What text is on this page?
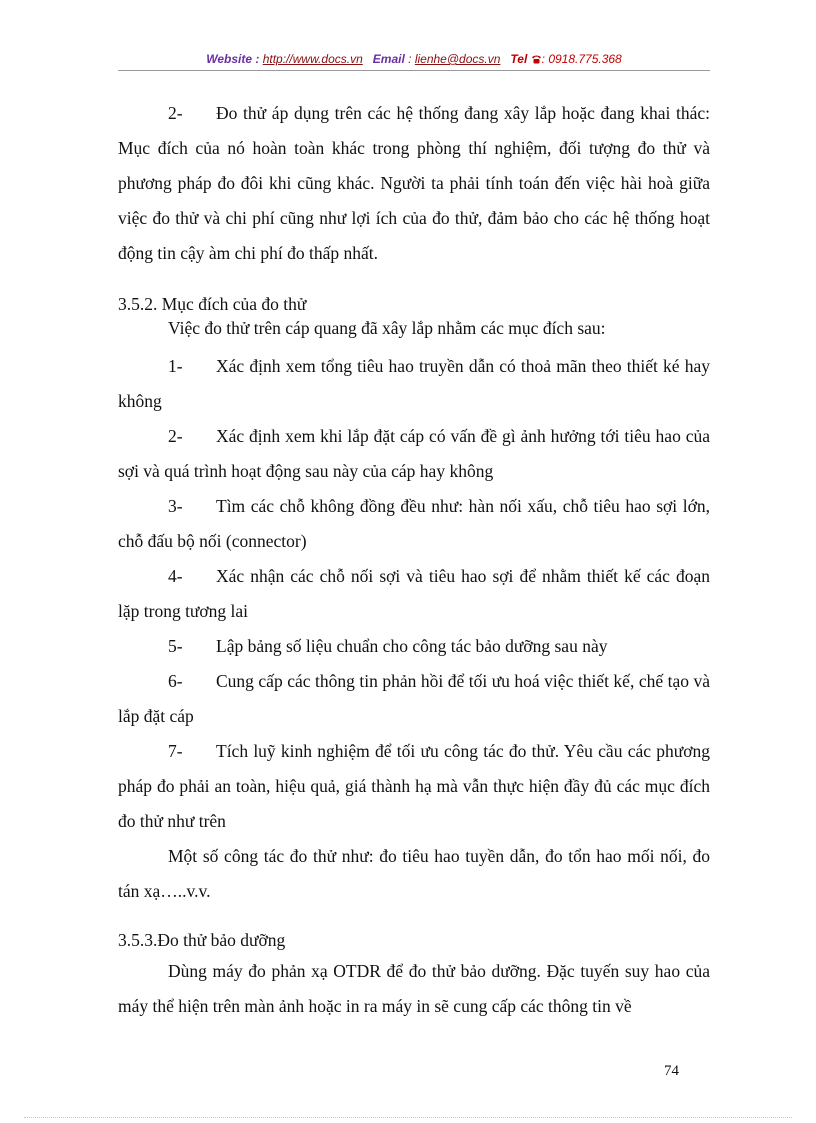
Website : http://www.docs.vn Email : lienhe@docs.vn Tel : 0918.775.368

2- Đo thử áp dụng trên các hệ thống đang xây lắp hoặc đang khai thác: Mục đích của nó hoàn toàn khác trong phòng thí nghiệm, đối tượng đo thử và phương pháp đo đôi khi cũng khác. Người ta phải tính toán đến việc hài hoà giữa việc đo thử và chi phí cũng như lợi ích của đo thử, đảm bảo cho các hệ thống hoạt động tin cậy àm chi phí đo thấp nhất.

3.5.2. Mục đích của đo thử

Việc đo thử trên cáp quang đã xây lắp nhằm các mục đích sau:

1- Xác định xem tổng tiêu hao truyền dẫn có thoả mãn theo thiết ké hay không

2- Xác định xem khi lắp đặt cáp có vấn đề gì ảnh hưởng tới tiêu hao của sợi và quá trình hoạt động sau này của cáp hay không

3- Tìm các chỗ không đồng đều như: hàn nối xấu, chỗ tiêu hao sợi lớn, chỗ đấu bộ nối (connector)

4- Xác nhận các chỗ nối sợi và tiêu hao sợi để nhằm thiết kế các đoạn lặp trong tương lai

5- Lập bảng số liệu chuẩn cho công tác bảo dưỡng sau này

6- Cung cấp các thông tin phản hồi để tối ưu hoá việc thiết kế, chế tạo và lắp đặt cáp

7- Tích luỹ kinh nghiệm để tối ưu công tác đo thử. Yêu cầu các phương pháp đo phải an toàn, hiệu quả, giá thành hạ mà vẫn thực hiện đầy đủ các mục đích đo thử như trên

Một số công tác đo thử như: đo tiêu hao tuyền dẫn, đo tổn hao mối nối, đo tán xạ…..v.v.

3.5.3.Đo thử bảo dưỡng

Dùng máy đo phản xạ OTDR để đo thử bảo dưỡng. Đặc tuyến suy hao của máy thể hiện trên màn ảnh hoặc in ra máy in sẽ cung cấp các thông tin về

74
